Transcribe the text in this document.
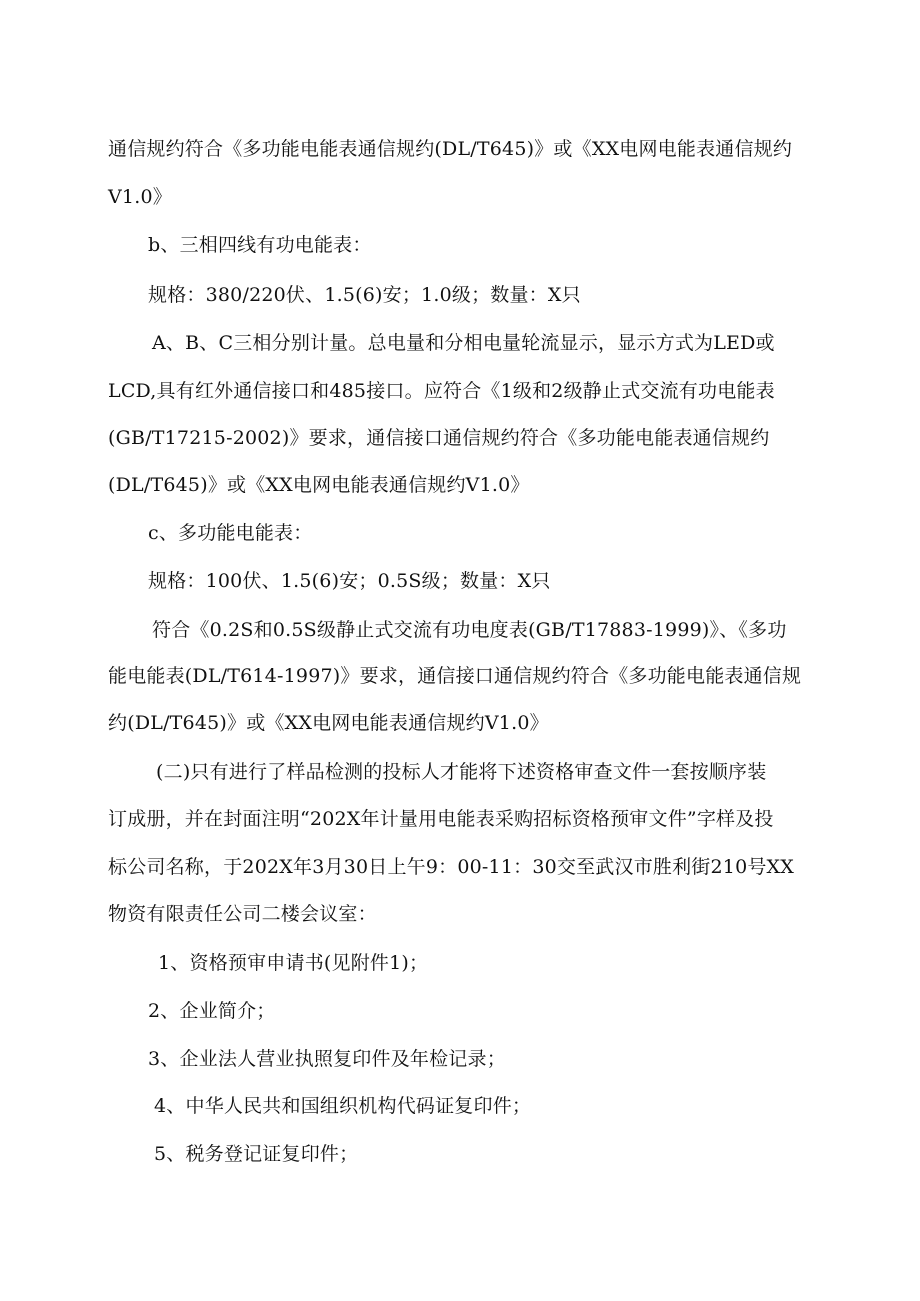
通信规约符合《多功能电能表通信规约(DL/T645)》或《XX电网电能表通信规约
V1.0》
b、三相四线有功电能表：
规格：380/220伏、1.5(6)安；1.0级；数量：X只
A、B、C三相分别计量。总电量和分相电量轮流显示，显示方式为LED或
LCD,具有红外通信接口和485接口。应符合《1级和2级静止式交流有功电能表
(GB/T17215-2002)》要求，通信接口通信规约符合《多功能电能表通信规约
(DL/T645)》或《XX电网电能表通信规约V1.0》
c、多功能电能表：
规格：100伏、1.5(6)安；0.5S级；数量：X只
符合《0.2S和0.5S级静止式交流有功电度表(GB/T17883-1999)》、《多功
能电能表(DL/T614-1997)》要求，通信接口通信规约符合《多功能电能表通信规
约(DL/T645)》或《XX电网电能表通信规约V1.0》
(二)只有进行了样品检测的投标人才能将下述资格审查文件一套按顺序装
订成册，并在封面注明“202X年计量用电能表采购招标资格预审文件”字样及投
标公司名称，于202X年3月30日上午9：00-11：30交至武汉市胜利街210号XX
物资有限责任公司二楼会议室：
1、资格预审申请书(见附件1)；
2、企业简介；
3、企业法人营业执照复印件及年检记录；
4、中华人民共和国组织机构代码证复印件；
5、税务登记证复印件；
